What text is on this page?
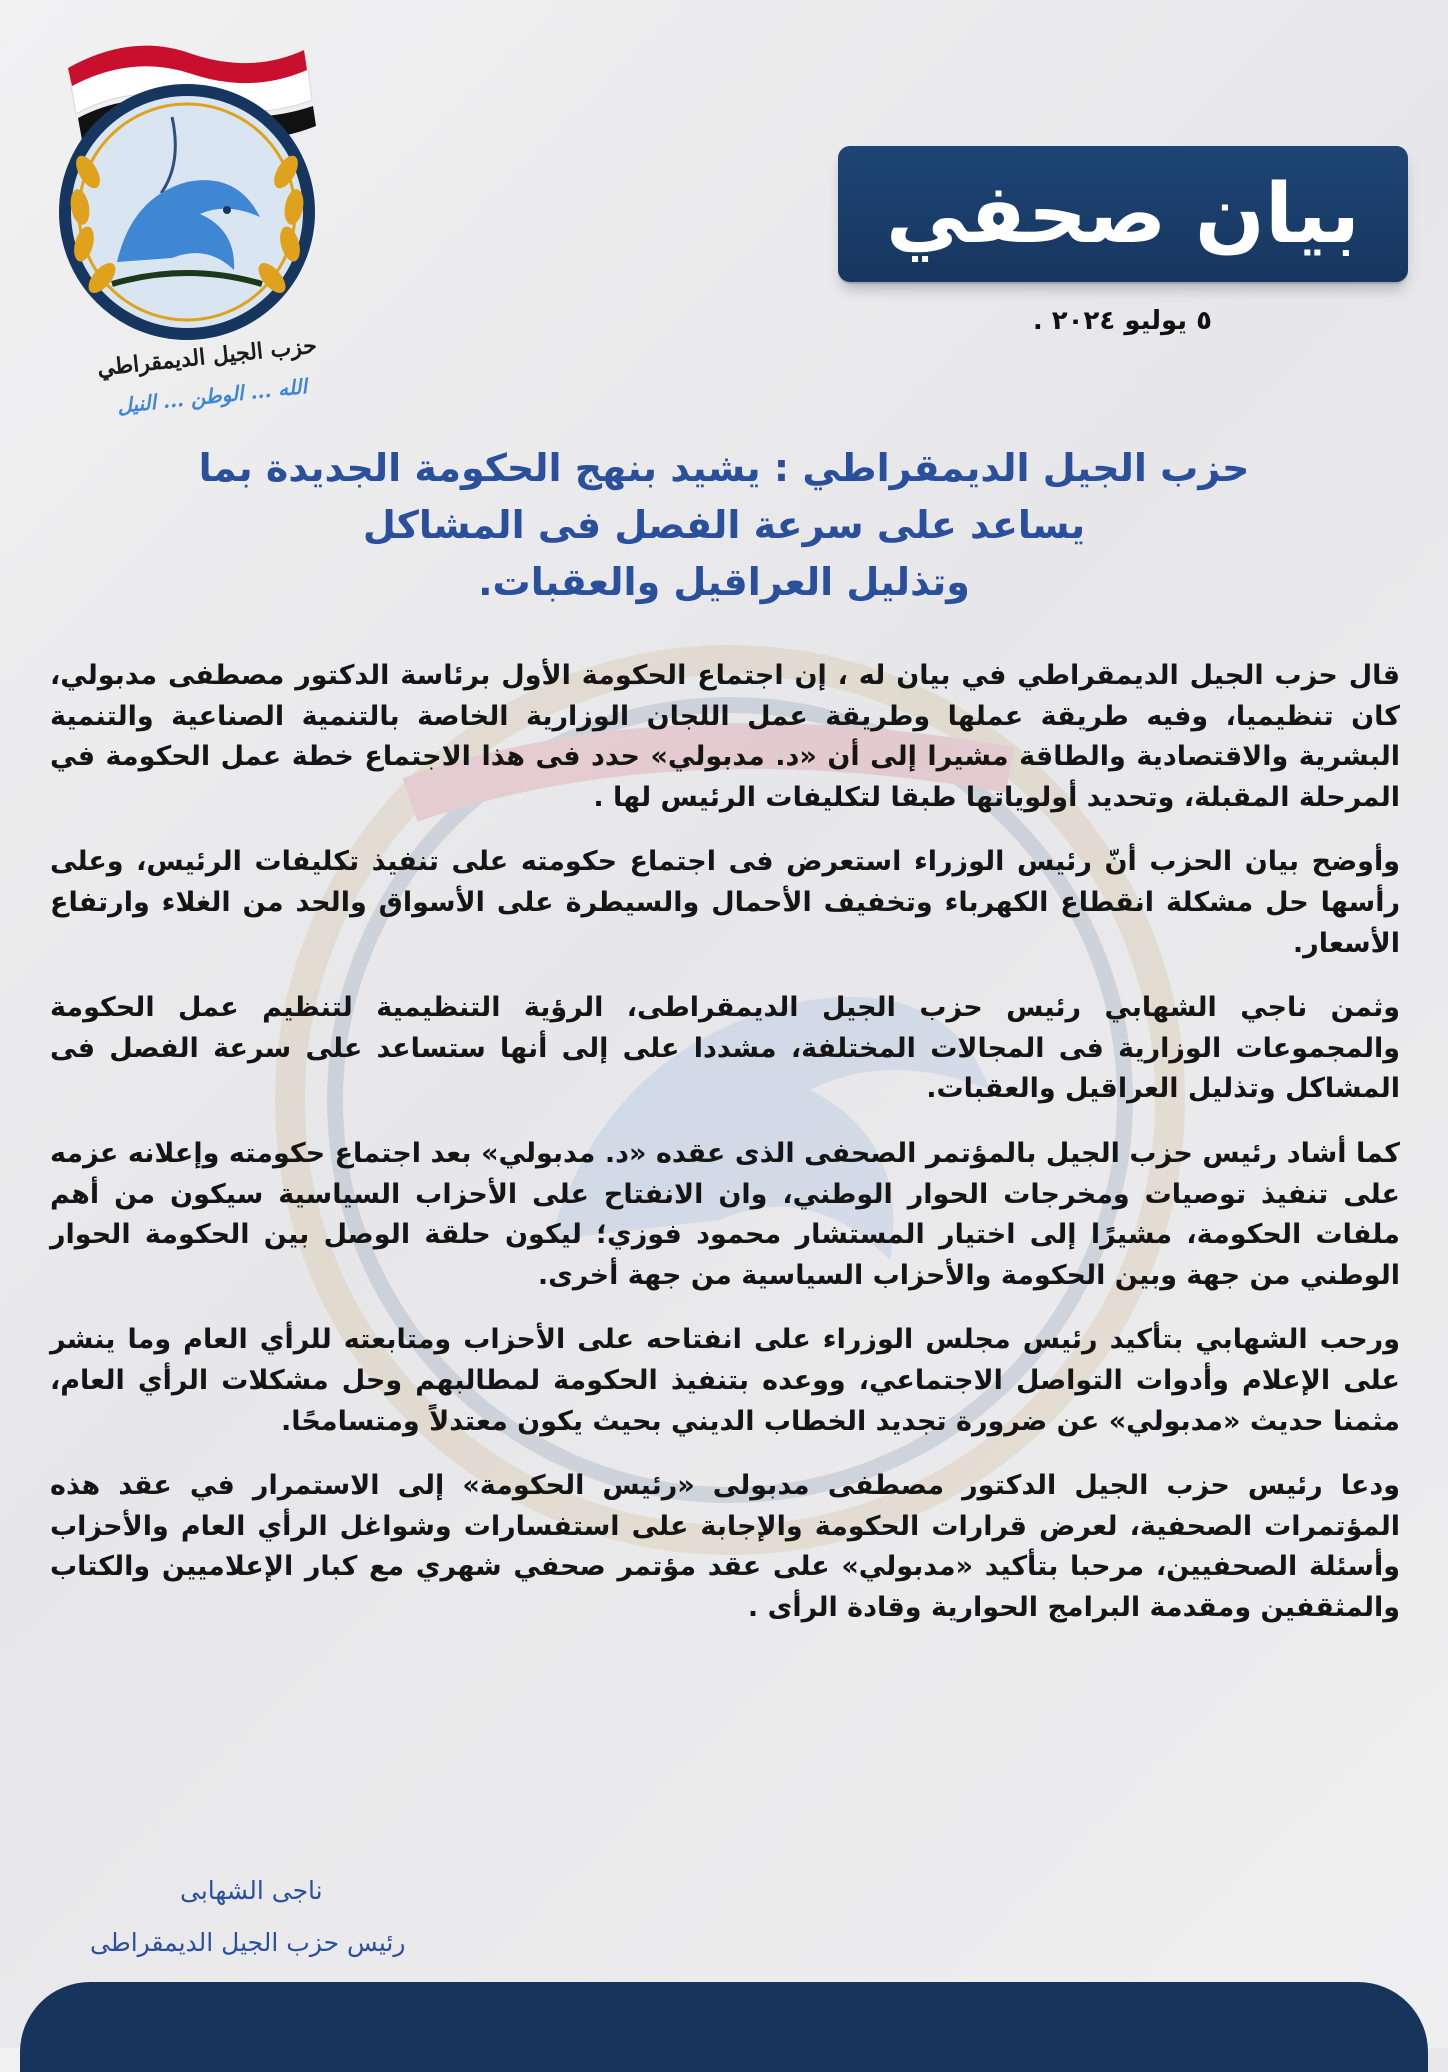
حزب الجيل الديمقراطي
الله ... الوطن ... النيل
بيان صحفي
٥ يوليو ٢٠٢٤ .
حزب الجيل الديمقراطي : يشيد بنهج الحكومة الجديدة بما
يساعد على سرعة الفصل فى المشاكل
وتذليل العراقيل والعقبات.

قال حزب الجيل الديمقراطي في بيان له ، إن اجتماع الحكومة الأول برئاسة الدكتور مصطفى مدبولي، كان تنظيميا، وفيه طريقة عملها وطريقة عمل اللجان الوزارية الخاصة بالتنمية الصناعية والتنمية البشرية والاقتصادية والطاقة مشيرا إلى أن «د. مدبولي» حدد فى هذا الاجتماع خطة عمل الحكومة في المرحلة المقبلة، وتحديد أولوياتها طبقا لتكليفات الرئيس لها .

وأوضح بيان الحزب أنّ رئيس الوزراء استعرض فى اجتماع حكومته على تنفيذ تكليفات الرئيس، وعلى رأسها حل مشكلة انقطاع الكهرباء وتخفيف الأحمال والسيطرة على الأسواق والحد من الغلاء وارتفاع الأسعار.

وثمن ناجي الشهابي رئيس حزب الجيل الديمقراطى، الرؤية التنظيمية لتنظيم عمل الحكومة والمجموعات الوزارية فى المجالات المختلفة، مشددا على إلى أنها ستساعد على سرعة الفصل فى المشاكل وتذليل العراقيل والعقبات.

كما أشاد رئيس حزب الجيل بالمؤتمر الصحفى الذى عقده «د. مدبولي» بعد اجتماع حكومته وإعلانه عزمه على تنفيذ توصيات ومخرجات الحوار الوطني، وان الانفتاح على الأحزاب السياسية سيكون من أهم ملفات الحكومة، مشيرًا إلى اختيار المستشار محمود فوزي؛ ليكون حلقة الوصل بين الحكومة الحوار الوطني من جهة وبين الحكومة والأحزاب السياسية من جهة أخرى.

ورحب الشهابي بتأكيد رئيس مجلس الوزراء على انفتاحه على الأحزاب ومتابعته للرأي العام وما ينشر على الإعلام وأدوات التواصل الاجتماعي، ووعده بتنفيذ الحكومة لمطالبهم وحل مشكلات الرأي العام، مثمنا حديث «مدبولي» عن ضرورة تجديد الخطاب الديني بحيث يكون معتدلاً ومتسامحًا.

ودعا رئيس حزب الجيل الدكتور مصطفى مدبولى «رئيس الحكومة» إلى الاستمرار في عقد هذه المؤتمرات الصحفية، لعرض قرارات الحكومة والإجابة على استفسارات وشواغل الرأي العام والأحزاب وأسئلة الصحفيين، مرحبا بتأكيد «مدبولي» على عقد مؤتمر صحفي شهري مع كبار الإعلاميين والكتاب والمثقفين ومقدمة البرامج الحوارية وقادة الرأى .

ناجى الشهابى
رئيس حزب الجيل الديمقراطى
